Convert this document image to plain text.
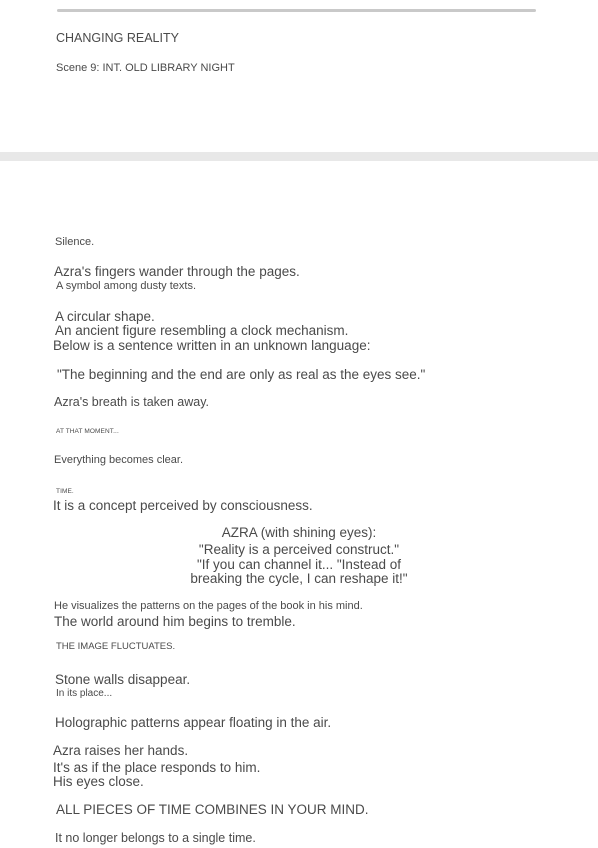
CHANGING REALITY
Scene 9: INT. OLD LIBRARY NIGHT
Silence.
Azra's fingers wander through the pages.
A symbol among dusty texts.
A circular shape.
An ancient figure resembling a clock mechanism.
Below is a sentence written in an unknown language:
"The beginning and the end are only as real as the eyes see."
Azra's breath is taken away.
AT THAT MOMENT...
Everything becomes clear.
TIME.
It is a concept perceived by consciousness.
AZRA (with shining eyes):
"Reality is a perceived construct."
"If you can channel it... "Instead of
breaking the cycle, I can reshape it!"
He visualizes the patterns on the pages of the book in his mind.
The world around him begins to tremble.
THE IMAGE FLUCTUATES.
Stone walls disappear.
In its place...
Holographic patterns appear floating in the air.
Azra raises her hands.
It's as if the place responds to him.
His eyes close.
ALL PIECES OF TIME COMBINES IN YOUR MIND.
It no longer belongs to a single time.
